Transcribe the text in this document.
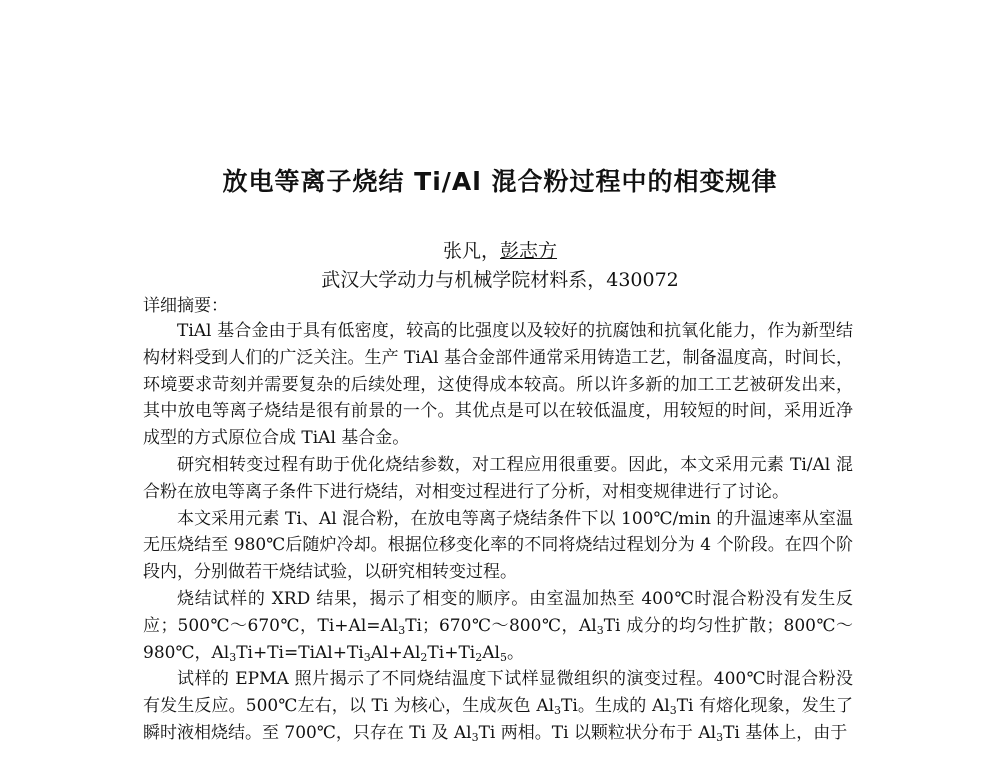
放电等离子烧结 Ti/Al 混合粉过程中的相变规律
张凡，彭志方
武汉大学动力与机械学院材料系，430072
详细摘要：

TiAl 基合金由于具有低密度，较高的比强度以及较好的抗腐蚀和抗氧化能力，作为新型结构材料受到人们的广泛关注。生产 TiAl 基合金部件通常采用铸造工艺，制备温度高，时间长，环境要求苛刻并需要复杂的后续处理，这使得成本较高。所以许多新的加工工艺被研发出来，其中放电等离子烧结是很有前景的一个。其优点是可以在较低温度，用较短的时间，采用近净成型的方式原位合成 TiAl 基合金。

研究相转变过程有助于优化烧结参数，对工程应用很重要。因此，本文采用元素 Ti/Al 混合粉在放电等离子条件下进行烧结，对相变过程进行了分析，对相变规律进行了讨论。

本文采用元素 Ti、Al 混合粉，在放电等离子烧结条件下以 100℃/min 的升温速率从室温无压烧结至 980℃后随炉冷却。根据位移变化率的不同将烧结过程划分为 4 个阶段。在四个阶段内，分别做若干烧结试验，以研究相转变过程。

烧结试样的 XRD 结果，揭示了相变的顺序。由室温加热至 400℃时混合粉没有发生反应；500℃～670℃，$Ti+Al=Al_3Ti$；670℃～800℃，$Al_3Ti$ 成分的均匀性扩散；800℃～980℃，$Al_3Ti+Ti=TiAl+Ti_3Al+Al_2Ti+Ti_2Al_5$。

试样的 EPMA 照片揭示了不同烧结温度下试样显微组织的演变过程。400℃时混合粉没有发生反应。500℃左右，以 Ti 为核心，生成灰色 $Al_3Ti$。生成的 $Al_3Ti$ 有熔化现象，发生了瞬时液相烧结。至 700℃，只存在 Ti 及 $Al_3Ti$ 两相。Ti 以颗粒状分布于 $Al_3Ti$ 基体上，由于
